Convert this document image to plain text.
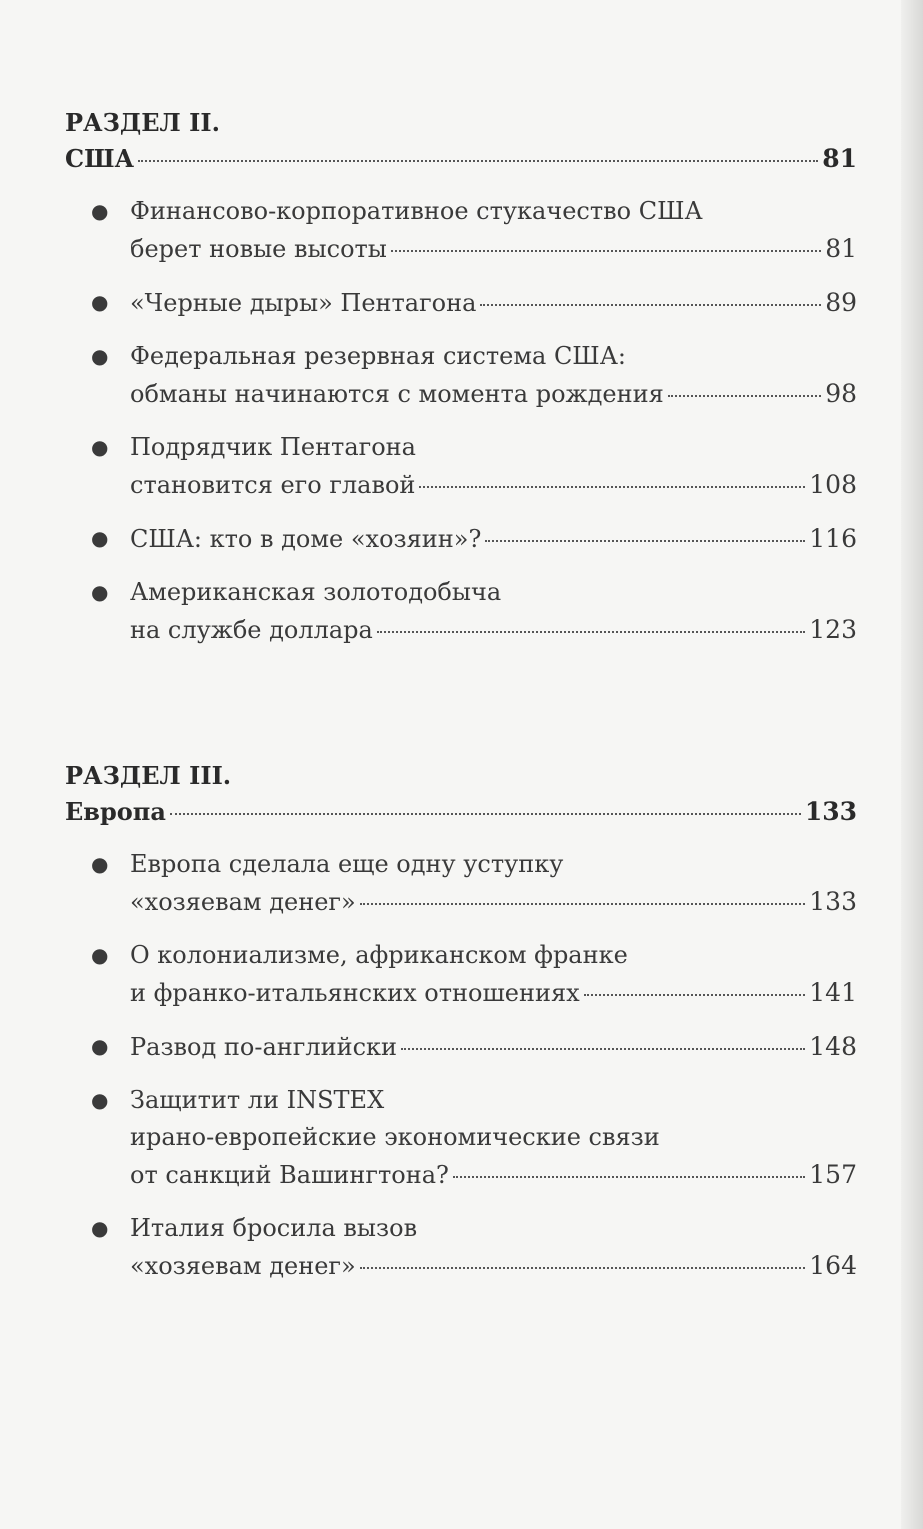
РАЗДЕЛ II.
США	81
● Финансово-корпоративное стукачество США
берет новые высоты	81
● «Черные дыры» Пентагона	89
● Федеральная резервная система США:
обманы начинаются с момента рождения	98
● Подрядчик Пентагона
становится его главой	108
● США: кто в доме «хозяин»?	116
● Американская золотодобыча
на службе доллара	123
РАЗДЕЛ III.
Европа	133
● Европа сделала еще одну уступку
«хозяевам денег»	133
● О колониализме, африканском франке
и франко-итальянских отношениях	141
● Развод по-английски	148
● Защитит ли INSTEX
ирано-европейские экономические связи
от санкций Вашингтона?	157
● Италия бросила вызов
«хозяевам денег»	164
